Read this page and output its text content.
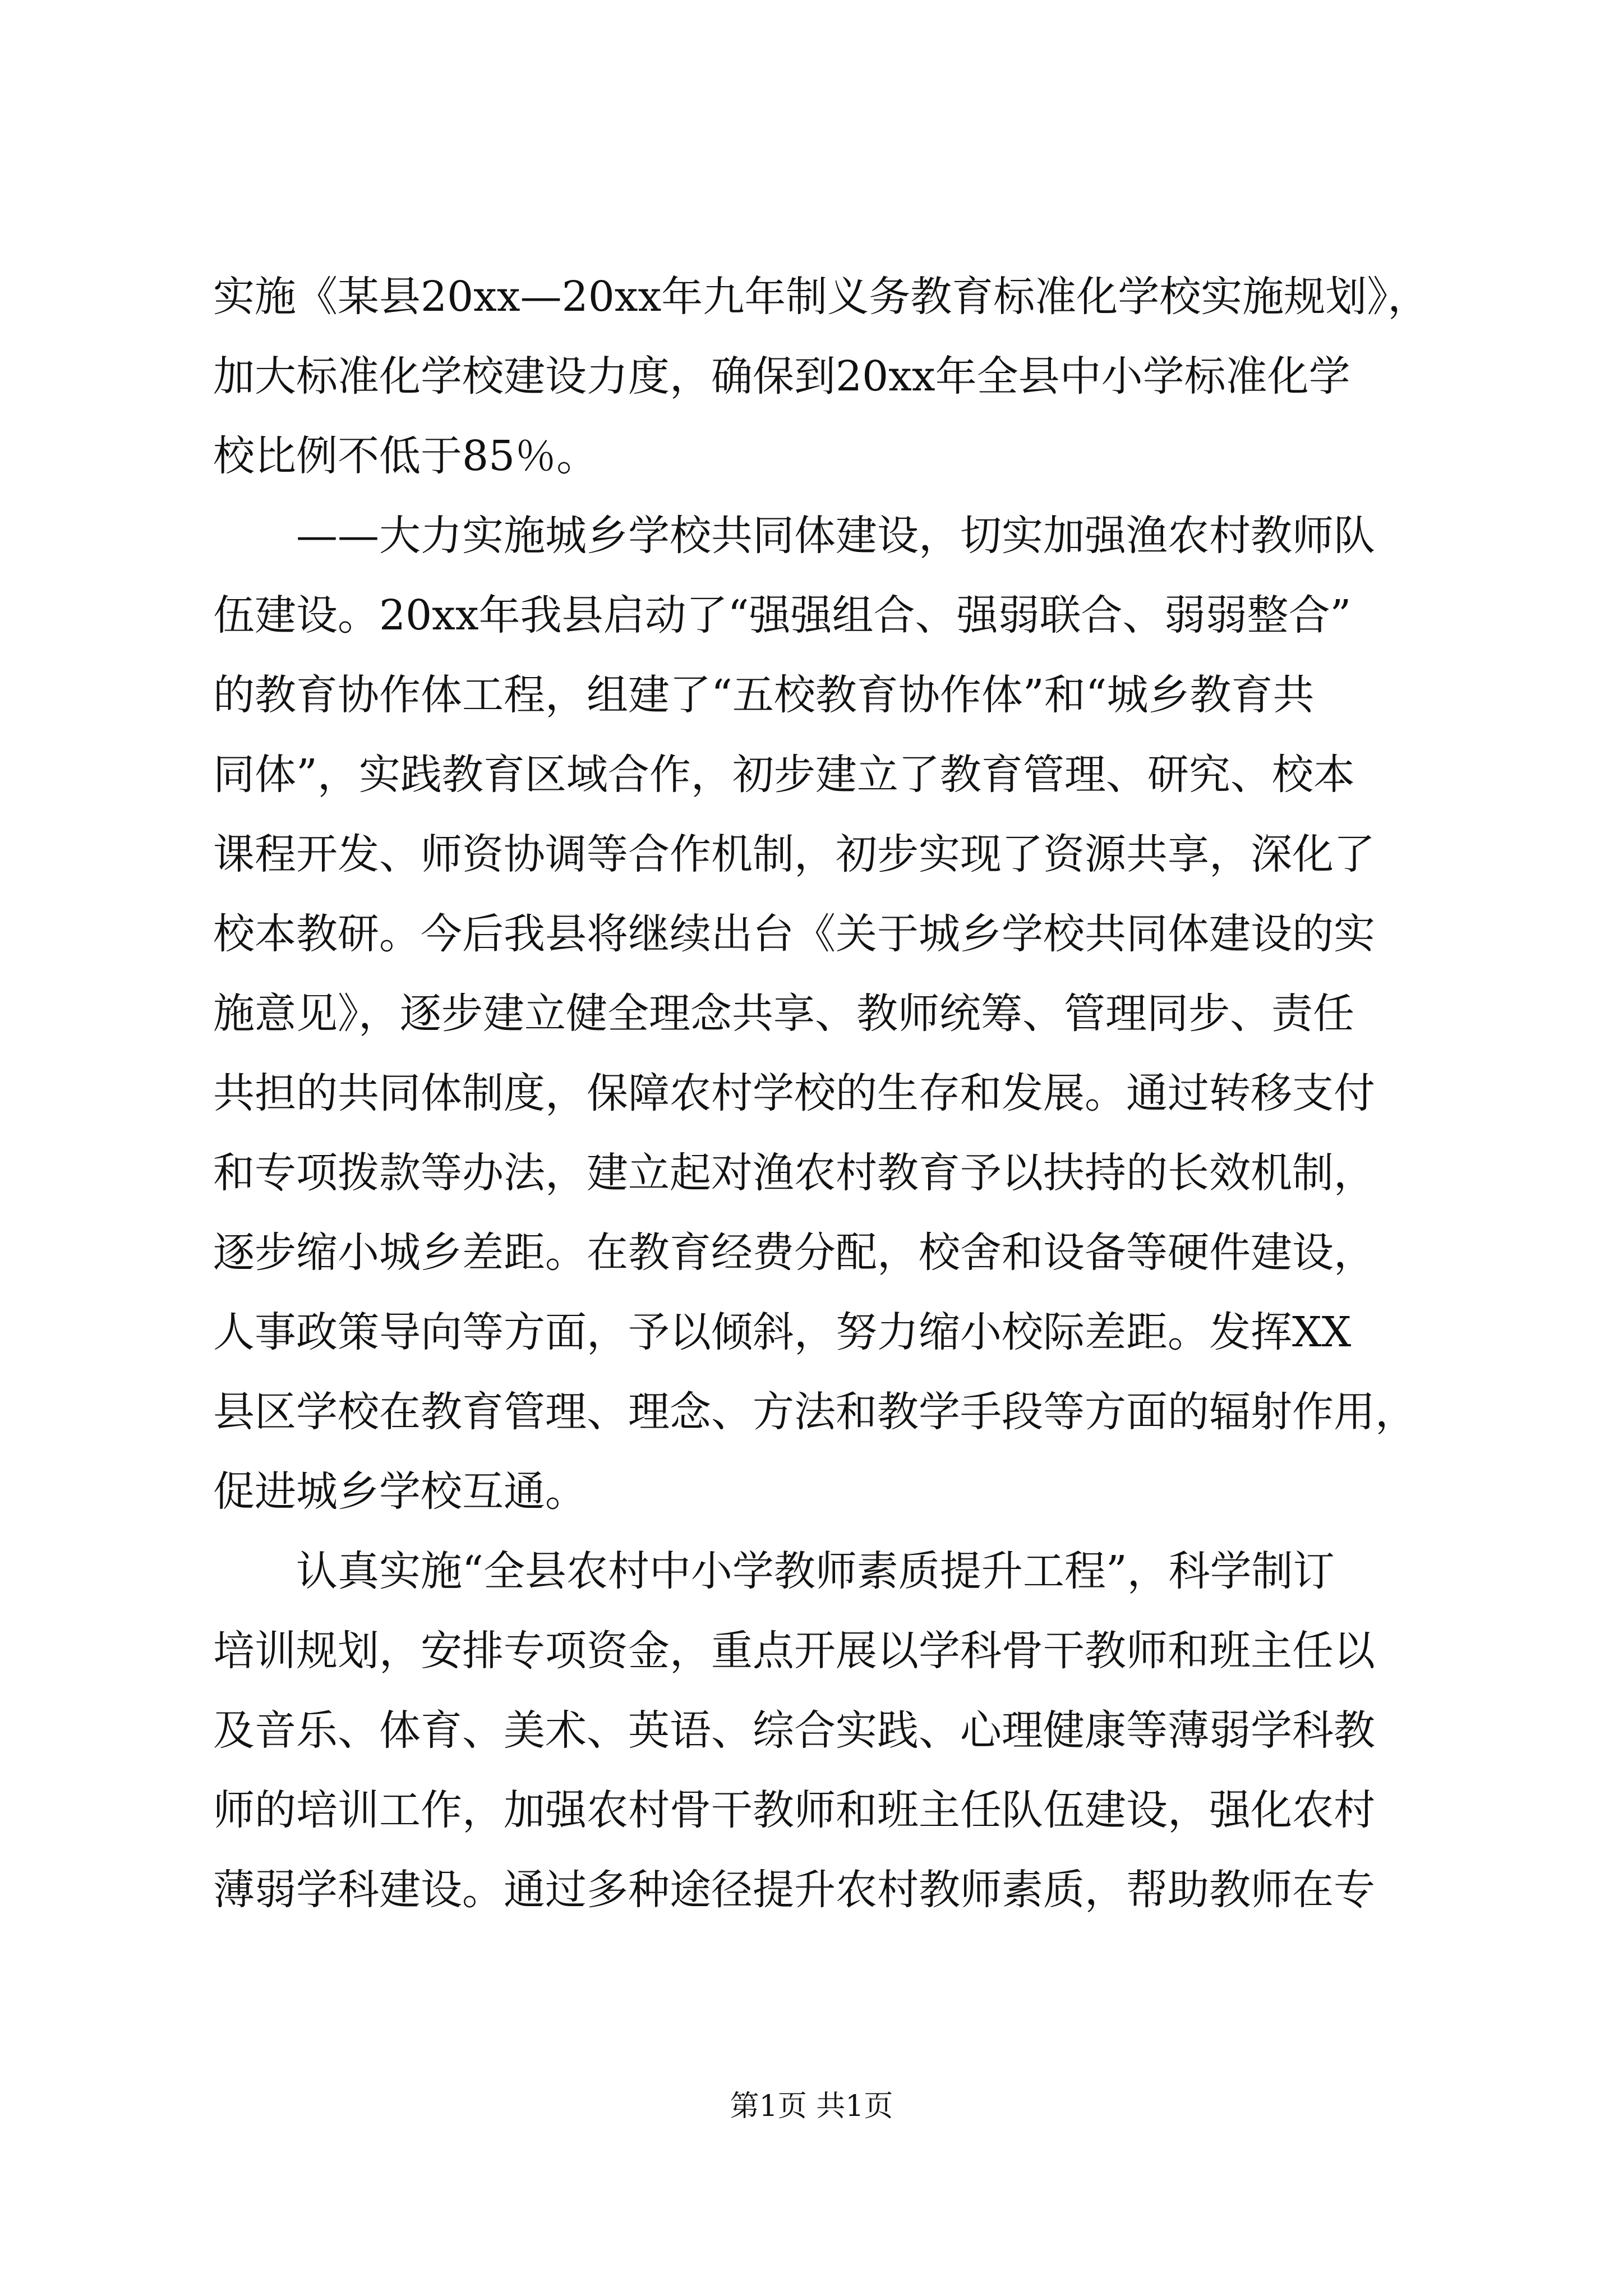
实施《某县20xx—20xx年九年制义务教育标准化学校实施规划》，
加大标准化学校建设力度，确保到20xx年全县中小学标准化学
校比例不低于85％。
　　——大力实施城乡学校共同体建设，切实加强渔农村教师队
伍建设。20xx年我县启动了“强强组合、强弱联合、弱弱整合”
的教育协作体工程，组建了“五校教育协作体”和“城乡教育共
同体”，实践教育区域合作，初步建立了教育管理、研究、校本
课程开发、师资协调等合作机制，初步实现了资源共享，深化了
校本教研。今后我县将继续出台《关于城乡学校共同体建设的实
施意见》，逐步建立健全理念共享、教师统筹、管理同步、责任
共担的共同体制度，保障农村学校的生存和发展。通过转移支付
和专项拨款等办法，建立起对渔农村教育予以扶持的长效机制，
逐步缩小城乡差距。在教育经费分配，校舍和设备等硬件建设，
人事政策导向等方面，予以倾斜，努力缩小校际差距。发挥XX
县区学校在教育管理、理念、方法和教学手段等方面的辐射作用，
促进城乡学校互通。
　　认真实施“全县农村中小学教师素质提升工程”，科学制订
培训规划，安排专项资金，重点开展以学科骨干教师和班主任以
及音乐、体育、美术、英语、综合实践、心理健康等薄弱学科教
师的培训工作，加强农村骨干教师和班主任队伍建设，强化农村
薄弱学科建设。通过多种途径提升农村教师素质，帮助教师在专
第1页 共1页
